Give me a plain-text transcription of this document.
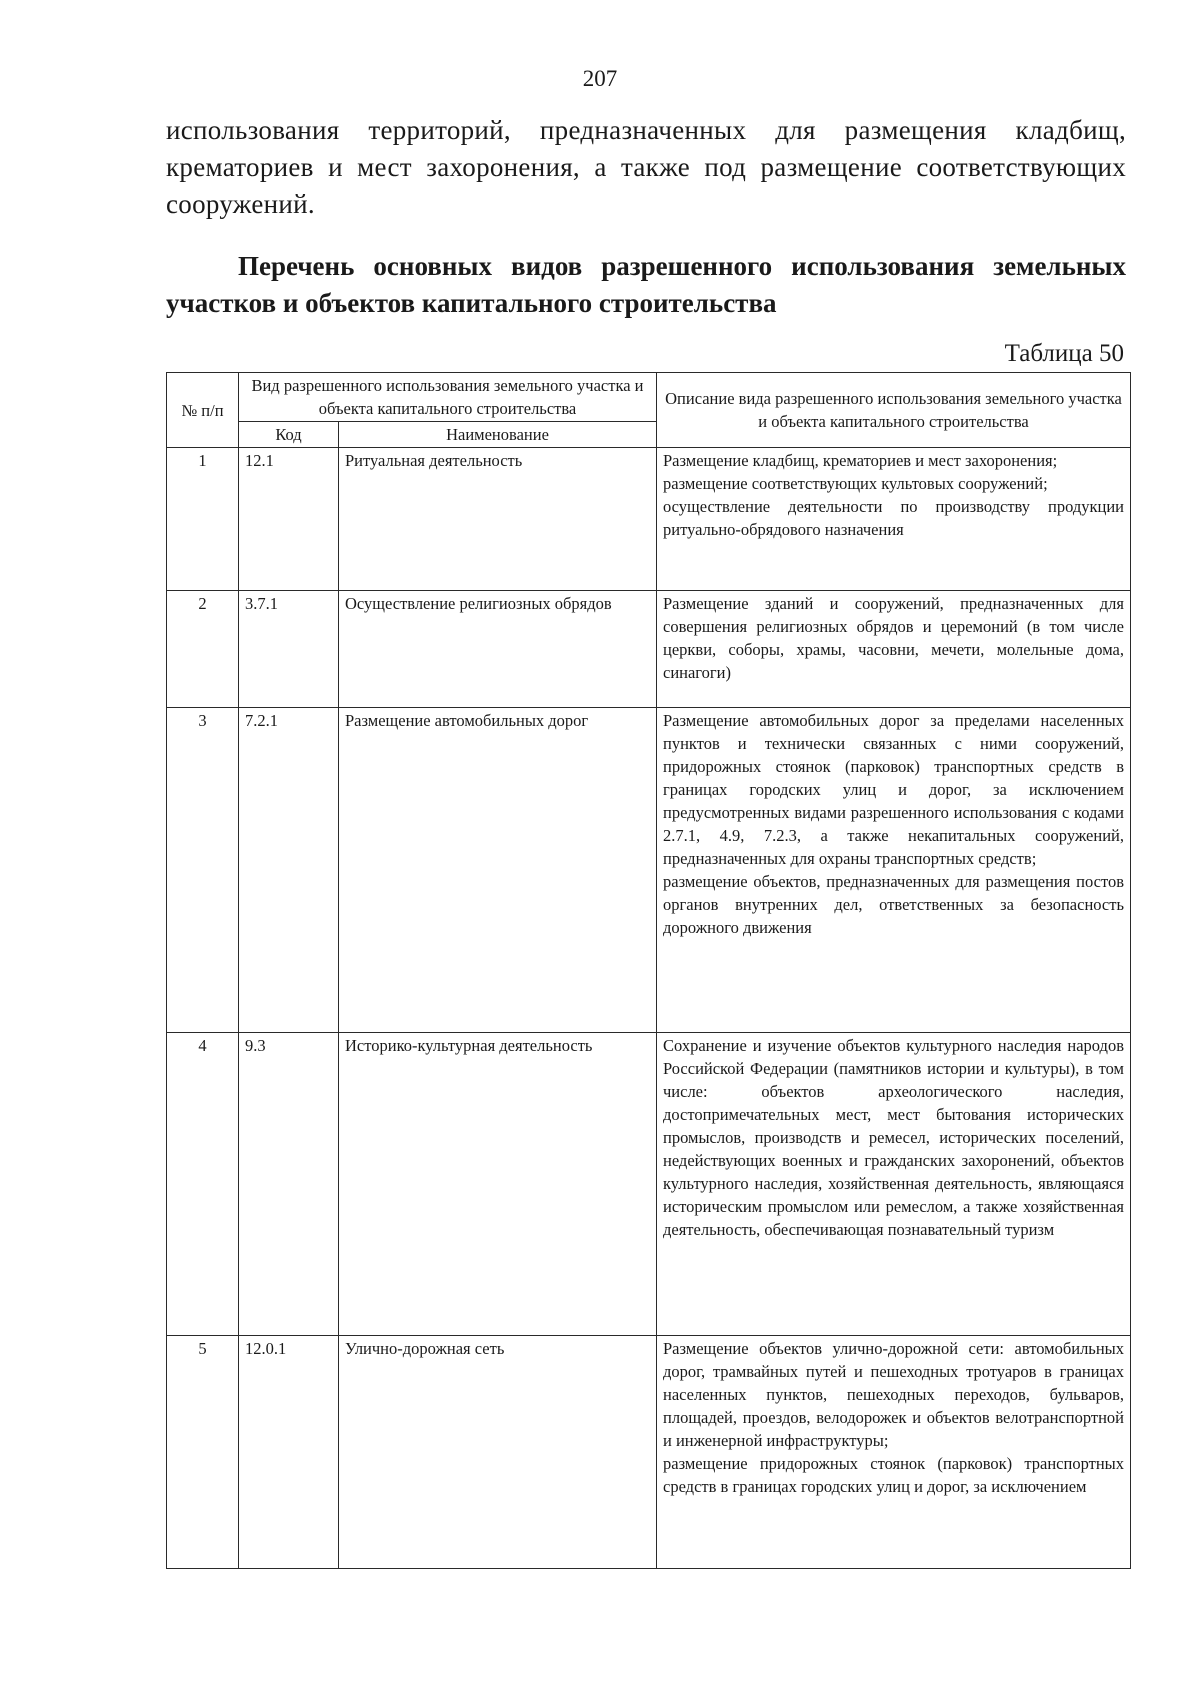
207
использования территорий, предназначенных для размещения кладбищ, крематориев и мест захоронения, а также под размещение соответствующих сооружений.
Перечень основных видов разрешенного использования земельных участков и объектов капитального строительства
Таблица 50
№ п/п	Вид разрешенного использования земельного участка и объекта капитального строительства		Описание вида разрешенного использования земельного участка и объекта капитального строительства
	Код	Наименование	
1	12.1	Ритуальная деятельность	Размещение кладбищ, крематориев и мест захоронения;
размещение соответствующих культовых сооружений;
осуществление деятельности по производству продукции ритуально-обрядового назначения

2	3.7.1	Осуществление религиозных обрядов	Размещение зданий и сооружений, предназначенных для совершения религиозных обрядов и церемоний (в том числе церкви, соборы, храмы, часовни, мечети, молельные дома, синагоги)

3	7.2.1	Размещение автомобильных дорог	Размещение автомобильных дорог за пределами населенных пунктов и технически связанных с ними сооружений, придорожных стоянок (парковок) транспортных средств в границах городских улиц и дорог, за исключением предусмотренных видами разрешенного использования с кодами 2.7.1, 4.9, 7.2.3, а также некапитальных сооружений, предназначенных для охраны транспортных средств;
размещение объектов, предназначенных для размещения постов органов внутренних дел, ответственных за безопасность дорожного движения

4	9.3	Историко-культурная деятельность	Сохранение и изучение объектов культурного наследия народов Российской Федерации (памятников истории и культуры), в том числе: объектов археологического наследия, достопримечательных мест, мест бытования исторических промыслов, производств и ремесел, исторических поселений, недействующих военных и гражданских захоронений, объектов культурного наследия, хозяйственная деятельность, являющаяся историческим промыслом или ремеслом, а также хозяйственная деятельность, обеспечивающая познавательный туризм

5	12.0.1	Улично-дорожная сеть	Размещение объектов улично-дорожной сети: автомобильных дорог, трамвайных путей и пешеходных тротуаров в границах населенных пунктов, пешеходных переходов, бульваров, площадей, проездов, велодорожек и объектов велотранспортной и инженерной инфраструктуры;
размещение придорожных стоянок (парковок) транспортных средств в границах городских улиц и дорог, за исключением
